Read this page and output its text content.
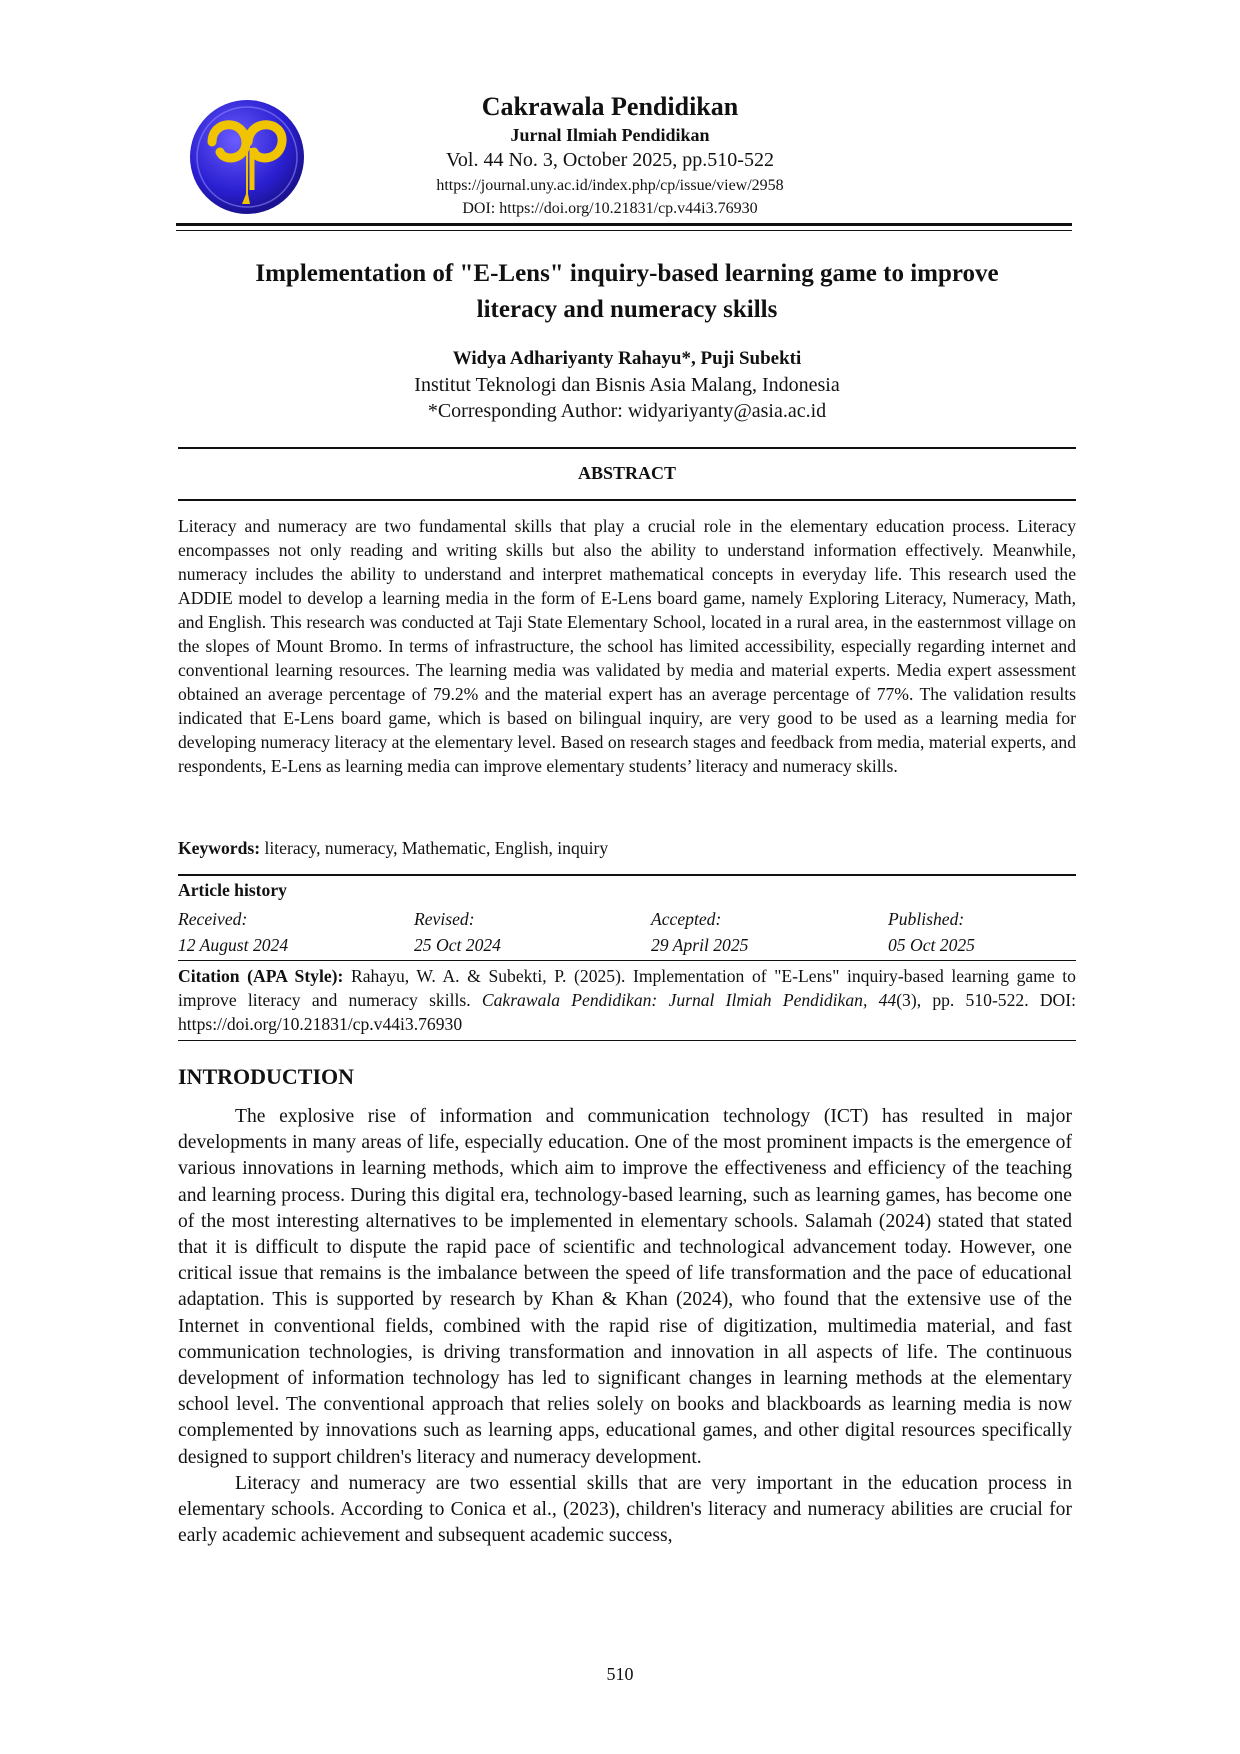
Cakrawala Pendidikan
Jurnal Ilmiah Pendidikan
Vol. 44 No. 3, October 2025, pp.510-522
https://journal.uny.ac.id/index.php/cp/issue/view/2958
DOI: https://doi.org/10.21831/cp.v44i3.76930
Implementation of "E-Lens" inquiry-based learning game to improve
literacy and numeracy skills
Widya Adhariyanty Rahayu*, Puji Subekti
Institut Teknologi dan Bisnis Asia Malang, Indonesia
*Corresponding Author: widyariyanty@asia.ac.id
ABSTRACT
Literacy and numeracy are two fundamental skills that play a crucial role in the elementary education process. Literacy encompasses not only reading and writing skills but also the ability to understand information effectively. Meanwhile, numeracy includes the ability to understand and interpret mathematical concepts in everyday life. This research used the ADDIE model to develop a learning media in the form of E-Lens board game, namely Exploring Literacy, Numeracy, Math, and English. This research was conducted at Taji State Elementary School, located in a rural area, in the easternmost village on the slopes of Mount Bromo. In terms of infrastructure, the school has limited accessibility, especially regarding internet and conventional learning resources. The learning media was validated by media and material experts. Media expert assessment obtained an average percentage of 79.2% and the material expert has an average percentage of 77%. The validation results indicated that E-Lens board game, which is based on bilingual inquiry, are very good to be used as a learning media for developing numeracy literacy at the elementary level. Based on research stages and feedback from media, material experts, and respondents, E-Lens as learning media can improve elementary students’ literacy and numeracy skills.
Keywords: literacy, numeracy, Mathematic, English, inquiry
Article history
Received:
12 August 2024
Revised:
25 Oct 2024
Accepted:
29 April 2025
Published:
05 Oct 2025
Citation (APA Style): Rahayu, W. A. & Subekti, P. (2025). Implementation of "E-Lens" inquiry-based learning game to improve literacy and numeracy skills. Cakrawala Pendidikan: Jurnal Ilmiah Pendidikan, 44(3), pp. 510-522. DOI: https://doi.org/10.21831/cp.v44i3.76930
INTRODUCTION

The explosive rise of information and communication technology (ICT) has resulted in major developments in many areas of life, especially education. One of the most prominent impacts is the emergence of various innovations in learning methods, which aim to improve the effectiveness and efficiency of the teaching and learning process. During this digital era, technology-based learning, such as learning games, has become one of the most interesting alternatives to be implemented in elementary schools. Salamah (2024) stated that stated that it is difficult to dispute the rapid pace of scientific and technological advancement today. However, one critical issue that remains is the imbalance between the speed of life transformation and the pace of educational adaptation. This is supported by research by Khan & Khan (2024), who found that the extensive use of the Internet in conventional fields, combined with the rapid rise of digitization, multimedia material, and fast communication technologies, is driving transformation and innovation in all aspects of life. The continuous development of information technology has led to significant changes in learning methods at the elementary school level. The conventional approach that relies solely on books and blackboards as learning media is now complemented by innovations such as learning apps, educational games, and other digital resources specifically designed to support children's literacy and numeracy development.

Literacy and numeracy are two essential skills that are very important in the education process in elementary schools. According to Conica et al., (2023), children's literacy and numeracy abilities are crucial for early academic achievement and subsequent academic success,

510
